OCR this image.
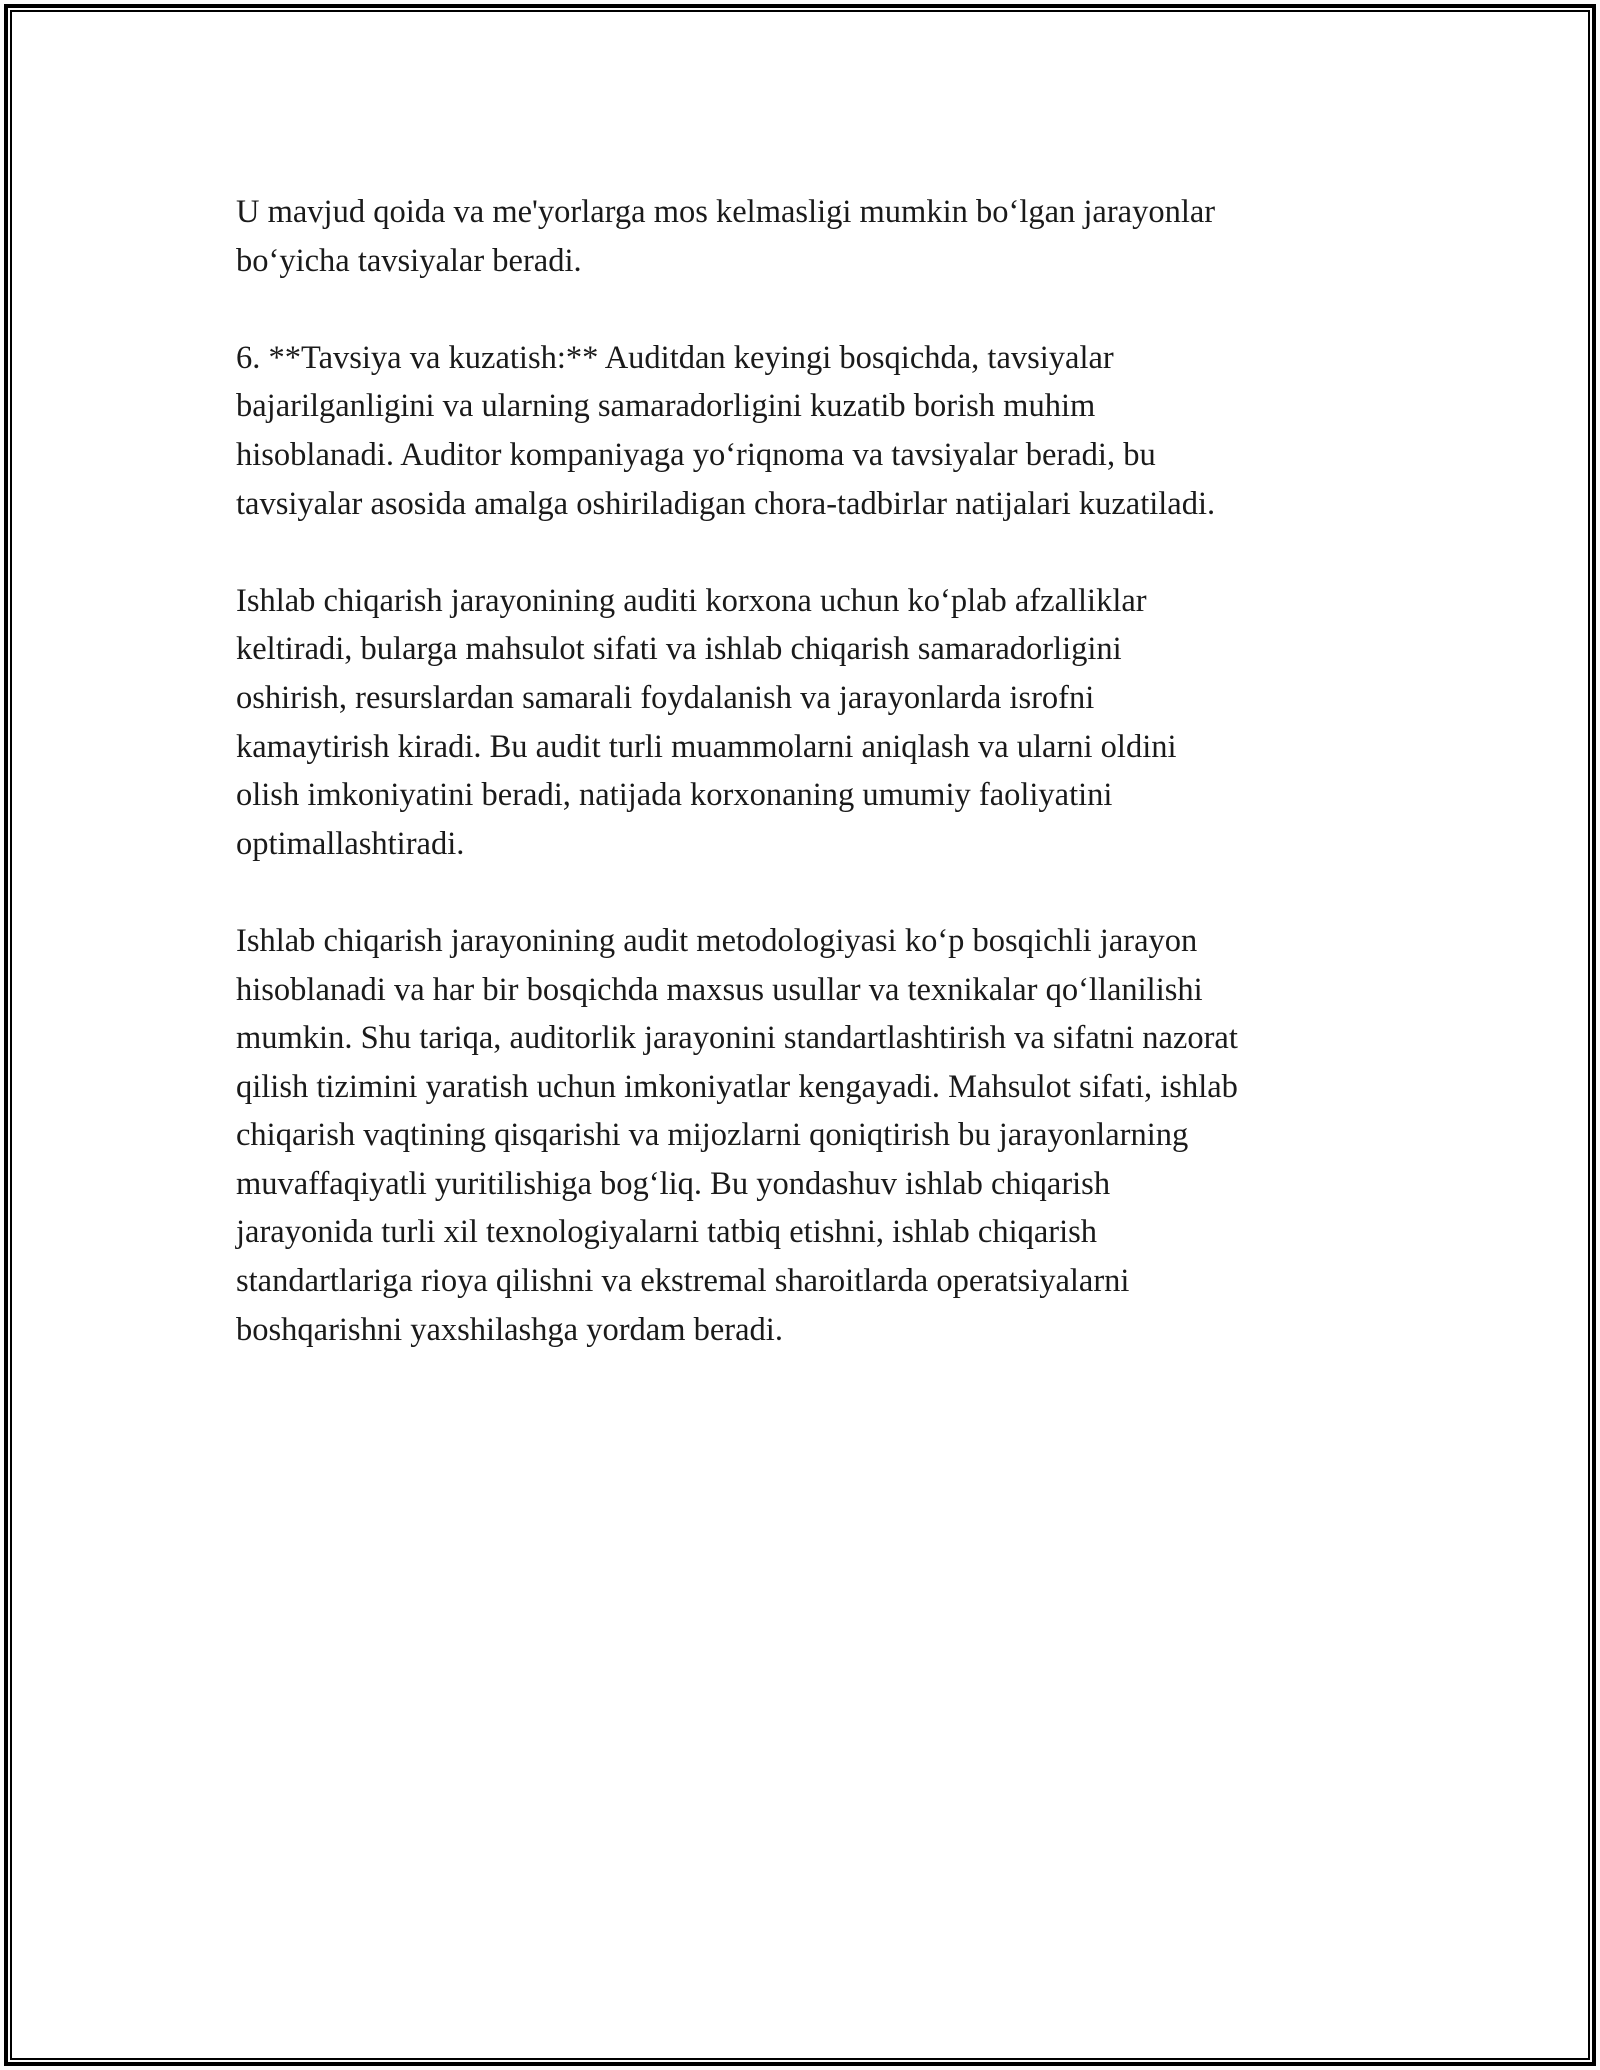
U mavjud qoida va me'yorlarga mos kelmasligi mumkin bo‘lgan jarayonlar
bo‘yicha tavsiyalar beradi.

6. **Tavsiya va kuzatish:** Auditdan keyingi bosqichda, tavsiyalar
bajarilganligini va ularning samaradorligini kuzatib borish muhim
hisoblanadi. Auditor kompaniyaga yo‘riqnoma va tavsiyalar beradi, bu
tavsiyalar asosida amalga oshiriladigan chora-tadbirlar natijalari kuzatiladi.

Ishlab chiqarish jarayonining auditi korxona uchun ko‘plab afzalliklar
keltiradi, bularga mahsulot sifati va ishlab chiqarish samaradorligini
oshirish, resurslardan samarali foydalanish va jarayonlarda isrofni
kamaytirish kiradi. Bu audit turli muammolarni aniqlash va ularni oldini
olish imkoniyatini beradi, natijada korxonaning umumiy faoliyatini
optimallashtiradi.

Ishlab chiqarish jarayonining audit metodologiyasi ko‘p bosqichli jarayon
hisoblanadi va har bir bosqichda maxsus usullar va texnikalar qo‘llanilishi
mumkin. Shu tariqa, auditorlik jarayonini standartlashtirish va sifatni nazorat
qilish tizimini yaratish uchun imkoniyatlar kengayadi. Mahsulot sifati, ishlab
chiqarish vaqtining qisqarishi va mijozlarni qoniqtirish bu jarayonlarning
muvaffaqiyatli yuritilishiga bog‘liq. Bu yondashuv ishlab chiqarish
jarayonida turli xil texnologiyalarni tatbiq etishni, ishlab chiqarish
standartlariga rioya qilishni va ekstremal sharoitlarda operatsiyalarni
boshqarishni yaxshilashga yordam beradi.
